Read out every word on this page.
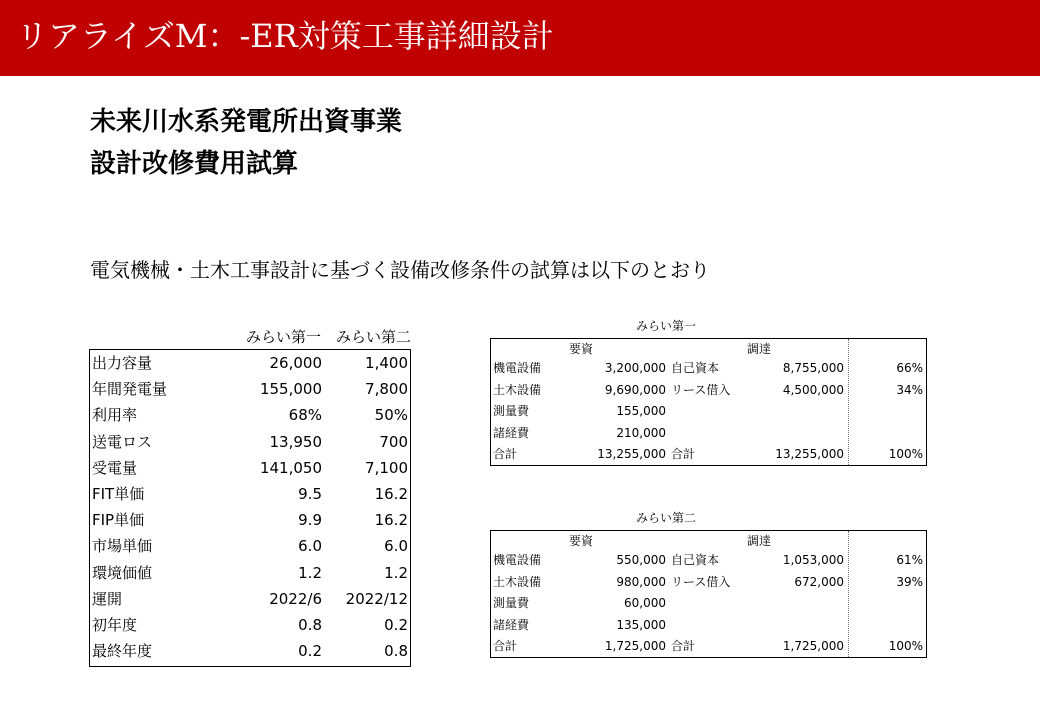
リアライズM：-ER対策工事詳細設計
未来川水系発電所出資事業
設計改修費用試算
電気機械・土木工事設計に基づく設備改修条件の試算は以下のとおり
みらい第一 みらい第二
出力容量	26,000	1,400
年間発電量	155,000	7,800
利用率	68%	50%
送電ロス	13,950	700
受電量	141,050	7,100
FIT単価	9.5	16.2
FIP単価	9.9	16.2
市場単価	6.0	6.0
環境価値	1.2	1.2
運開	2022/6 2022/12
初年度	0.8	0.2
最終年度	0.2	0.8
みらい第一
要資	調達
機電設備	3,200,000 自己資本	8,755,000	66%
土木設備	9,690,000 リース借入	4,500,000	34%
測量費	155,000
諸経費	210,000
合計	13,255,000 合計	13,255,000	100%
みらい第二
要資	調達
機電設備	550,000 自己資本	1,053,000	61%
土木設備	980,000 リース借入	672,000	39%
測量費	60,000
諸経費	135,000
合計	1,725,000 合計	1,725,000	100%
